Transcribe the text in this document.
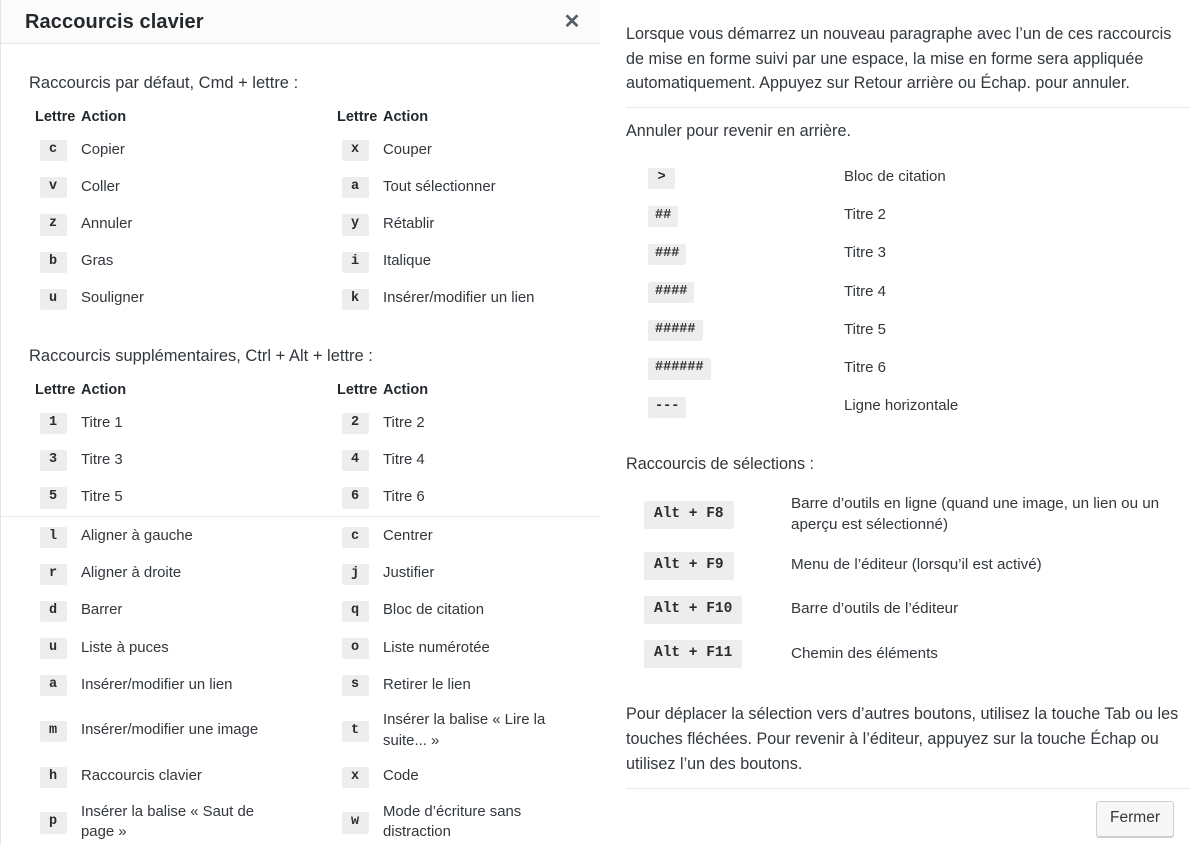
Raccourcis clavier	✕
Raccourcis par défaut, Cmd + lettre :
Lettre	Action	Lettre	Action
c	Copier	x	Couper
v	Coller	a	Tout sélectionner
z	Annuler	y	Rétablir
b	Gras	i	Italique
u	Souligner	k	Insérer/modifier un lien
Raccourcis supplémentaires, Ctrl + Alt + lettre :
Lettre	Action	Lettre	Action
1	Titre 1	2	Titre 2
3	Titre 3	4	Titre 4
5	Titre 5	6	Titre 6
l	Aligner à gauche	c	Centrer
r	Aligner à droite	j	Justifier
d	Barrer	q	Bloc de citation
u	Liste à puces	o	Liste numérotée
a	Insérer/modifier un lien	s	Retirer le lien
m	Insérer/modifier une image	t	Insérer la balise « Lire la suite... »
h	Raccourcis clavier	x	Code
p	Insérer la balise « Saut de page »	w	Mode d’écriture sans distraction

Lorsque vous démarrez un nouveau paragraphe avec l’un de ces raccourcis de mise en forme suivi par une espace, la mise en forme sera appliquée automatiquement. Appuyez sur Retour arrière ou Échap. pour annuler.

Annuler pour revenir en arrière.

>	Bloc de citation
##	Titre 2
###	Titre 3
####	Titre 4
#####	Titre 5
######	Titre 6
---	Ligne horizontale
Raccourcis de sélections :
Alt + F8	Barre d’outils en ligne (quand une image, un lien ou un aperçu est sélectionné)
Alt + F9	Menu de l’éditeur (lorsqu’il est activé)
Alt + F10	Barre d’outils de l’éditeur
Alt + F11	Chemin des éléments

Pour déplacer la sélection vers d’autres boutons, utilisez la touche Tab ou les touches fléchées. Pour revenir à l’éditeur, appuyez sur la touche Échap ou utilisez l’un des boutons.

Fermer
